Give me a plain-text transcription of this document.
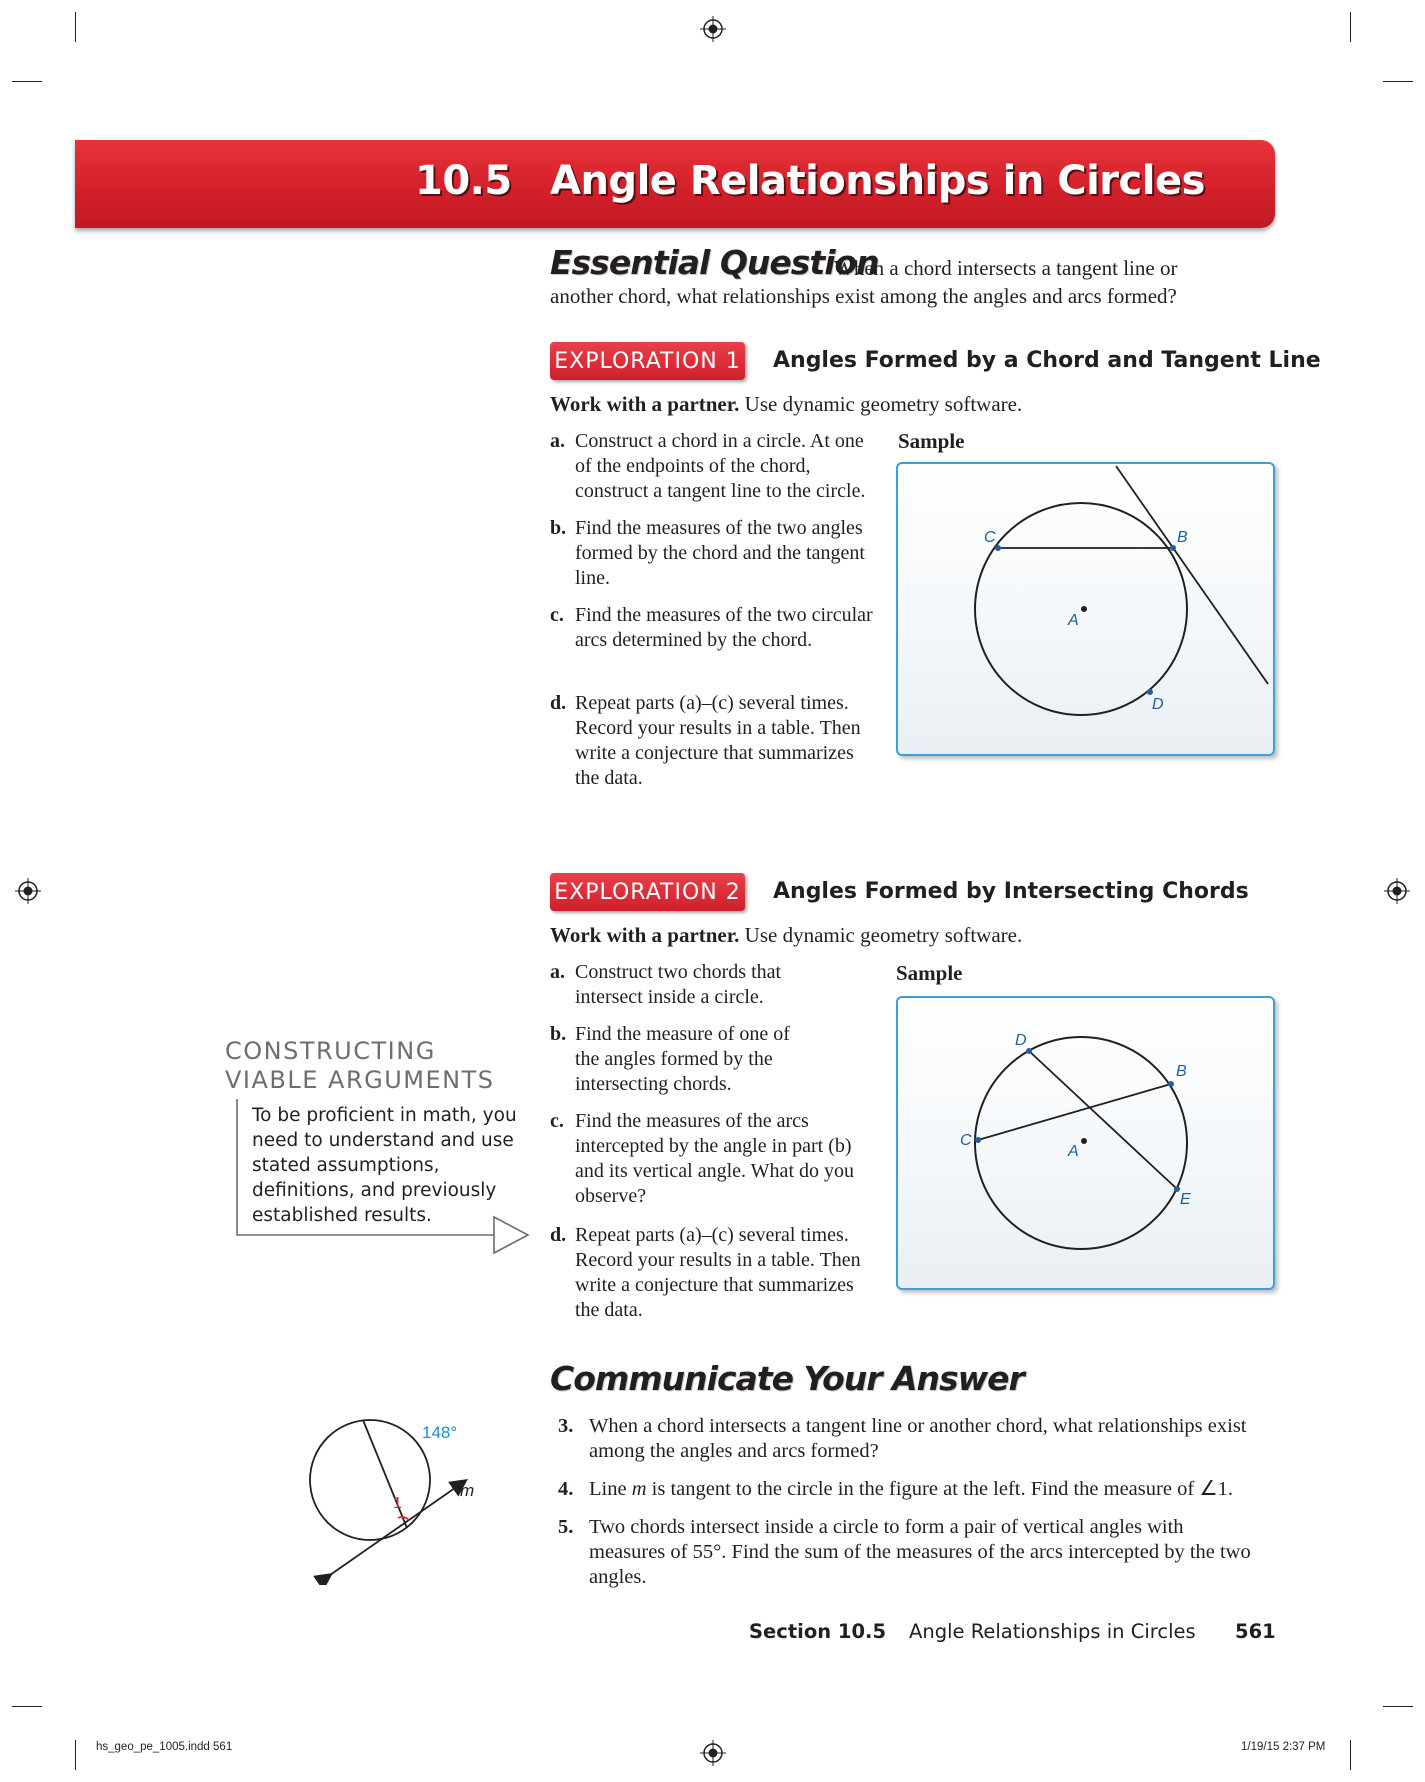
10.5 Angle Relationships in Circles
Essential Question
When a chord intersects a tangent line or
another chord, what relationships exist among the angles and arcs formed?
EXPLORATION 1 Angles Formed by a Chord and Tangent Line
Work with a partner. Use dynamic geometry software.
a. Construct a chord in a circle. At one of the endpoints of the chord, construct a tangent line to the circle.
b. Find the measures of the two angles formed by the chord and the tangent line.
c. Find the measures of the two circular arcs determined by the chord.
d. Repeat parts (a)–(c) several times. Record your results in a table. Then write a conjecture that summarizes the data.
Sample
C	B
A
D
EXPLORATION 2 Angles Formed by Intersecting Chords
Work with a partner. Use dynamic geometry software.
a. Construct two chords that intersect inside a circle.
b. Find the measure of one of the angles formed by the intersecting chords.
c. Find the measures of the arcs intercepted by the angle in part (b) and its vertical angle. What do you observe?
d. Repeat parts (a)–(c) several times. Record your results in a table. Then write a conjecture that summarizes the data.
Sample
D
B
C
A
E
CONSTRUCTING
VIABLE ARGUMENTS
To be proficient in math, you need to understand and use stated assumptions, definitions, and previously established results.
148°
1
m
Communicate Your Answer
3. When a chord intersects a tangent line or another chord, what relationships exist among the angles and arcs formed?
4. Line m is tangent to the circle in the figure at the left. Find the measure of ∠1.
5. Two chords intersect inside a circle to form a pair of vertical angles with measures of 55°. Find the sum of the measures of the arcs intercepted by the two angles.
Section 10.5 Angle Relationships in Circles 561
hs_geo_pe_1005.indd 561	1/19/15 2:37 PM
